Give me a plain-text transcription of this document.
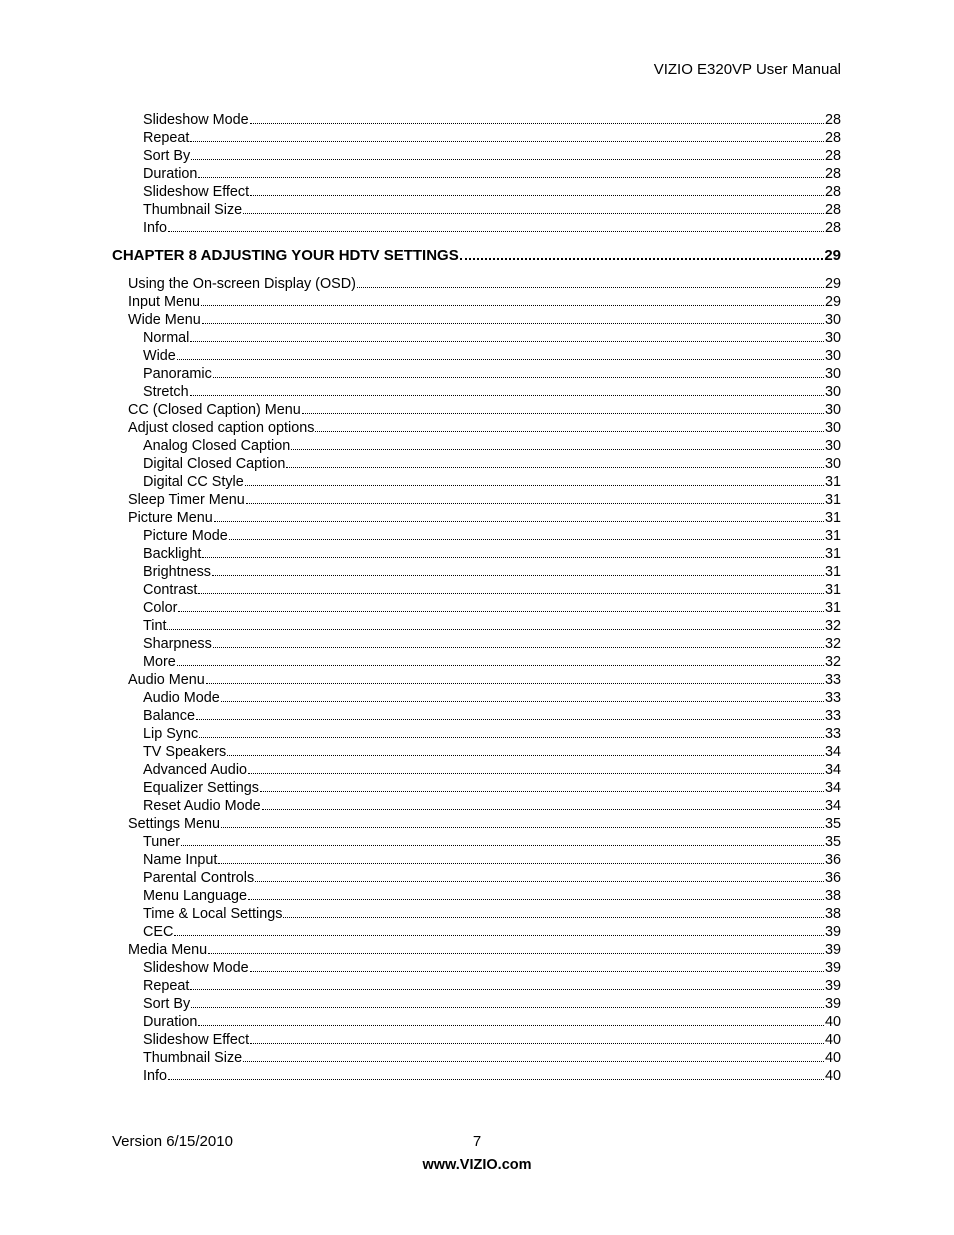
VIZIO E320VP User Manual
Slideshow Mode	28
Repeat	28
Sort By	28
Duration	28
Slideshow Effect	28
Thumbnail Size	28
Info	28
CHAPTER 8 ADJUSTING YOUR HDTV SETTINGS	29
Using the On-screen Display (OSD)	29
Input Menu	29
Wide Menu	30
Normal	30
Wide	30
Panoramic	30
Stretch	30
CC (Closed Caption) Menu	30
Adjust closed caption options	30
Analog Closed Caption	30
Digital Closed Caption	30
Digital CC Style	31
Sleep Timer Menu	31
Picture Menu	31
Picture Mode	31
Backlight	31
Brightness	31
Contrast	31
Color	31
Tint	32
Sharpness	32
More	32
Audio Menu	33
Audio Mode	33
Balance	33
Lip Sync	33
TV Speakers	34
Advanced Audio	34
Equalizer Settings	34
Reset Audio Mode	34
Settings Menu	35
Tuner	35
Name Input	36
Parental Controls	36
Menu Language	38
Time & Local Settings	38
CEC	39
Media Menu	39
Slideshow Mode	39
Repeat	39
Sort By	39
Duration	40
Slideshow Effect	40
Thumbnail Size	40
Info	40
Version 6/15/2010	7
www.VIZIO.com
